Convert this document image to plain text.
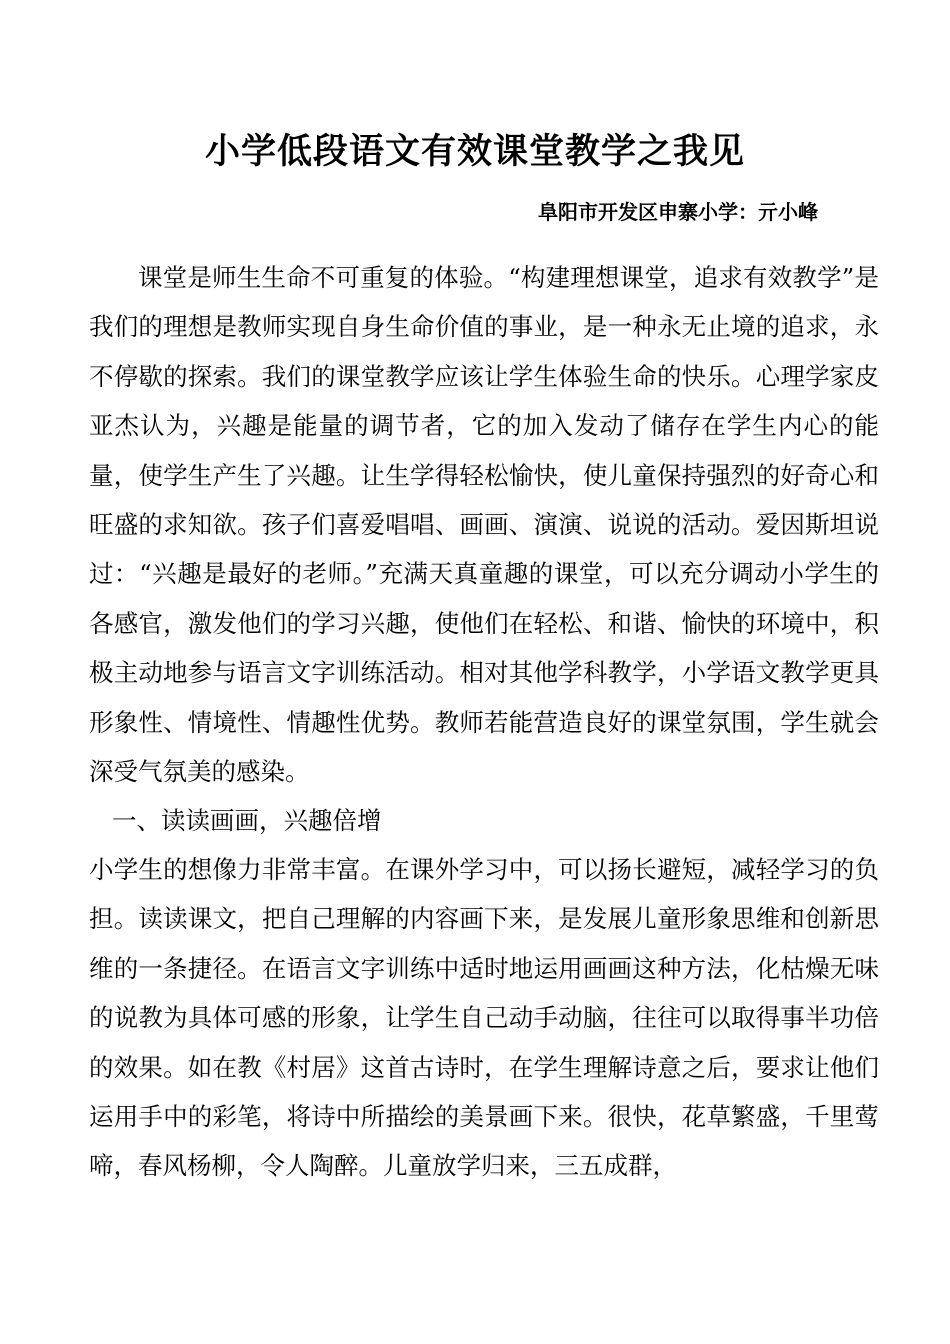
小学低段语文有效课堂教学之我见
阜阳市开发区申寨小学：亓小峰

课堂是师生生命不可重复的体验。“构建理想课堂，追求有效教学”是我们的理想是教师实现自身生命价值的事业，是一种永无止境的追求，永不停歇的探索。我们的课堂教学应该让学生体验生命的快乐。心理学家皮亚杰认为，兴趣是能量的调节者，它的加入发动了储存在学生内心的能量，使学生产生了兴趣。让生学得轻松愉快，使儿童保持强烈的好奇心和旺盛的求知欲。孩子们喜爱唱唱、画画、演演、说说的活动。爱因斯坦说过：“兴趣是最好的老师。”充满天真童趣的课堂，可以充分调动小学生的各感官，激发他们的学习兴趣，使他们在轻松、和谐、愉快的环境中，积极主动地参与语言文字训练活动。相对其他学科教学，小学语文教学更具形象性、情境性、情趣性优势。教师若能营造良好的课堂氛围，学生就会深受气氛美的感染。

一、读读画画，兴趣倍增

小学生的想像力非常丰富。在课外学习中，可以扬长避短，减轻学习的负担。读读课文，把自己理解的内容画下来，是发展儿童形象思维和创新思维的一条捷径。在语言文字训练中适时地运用画画这种方法，化枯燥无味的说教为具体可感的形象，让学生自己动手动脑，往往可以取得事半功倍的效果。如在教《村居》这首古诗时，在学生理解诗意之后，要求让他们运用手中的彩笔，将诗中所描绘的美景画下来。很快，花草繁盛，千里莺啼，春风杨柳，令人陶醉。儿童放学归来，三五成群，
